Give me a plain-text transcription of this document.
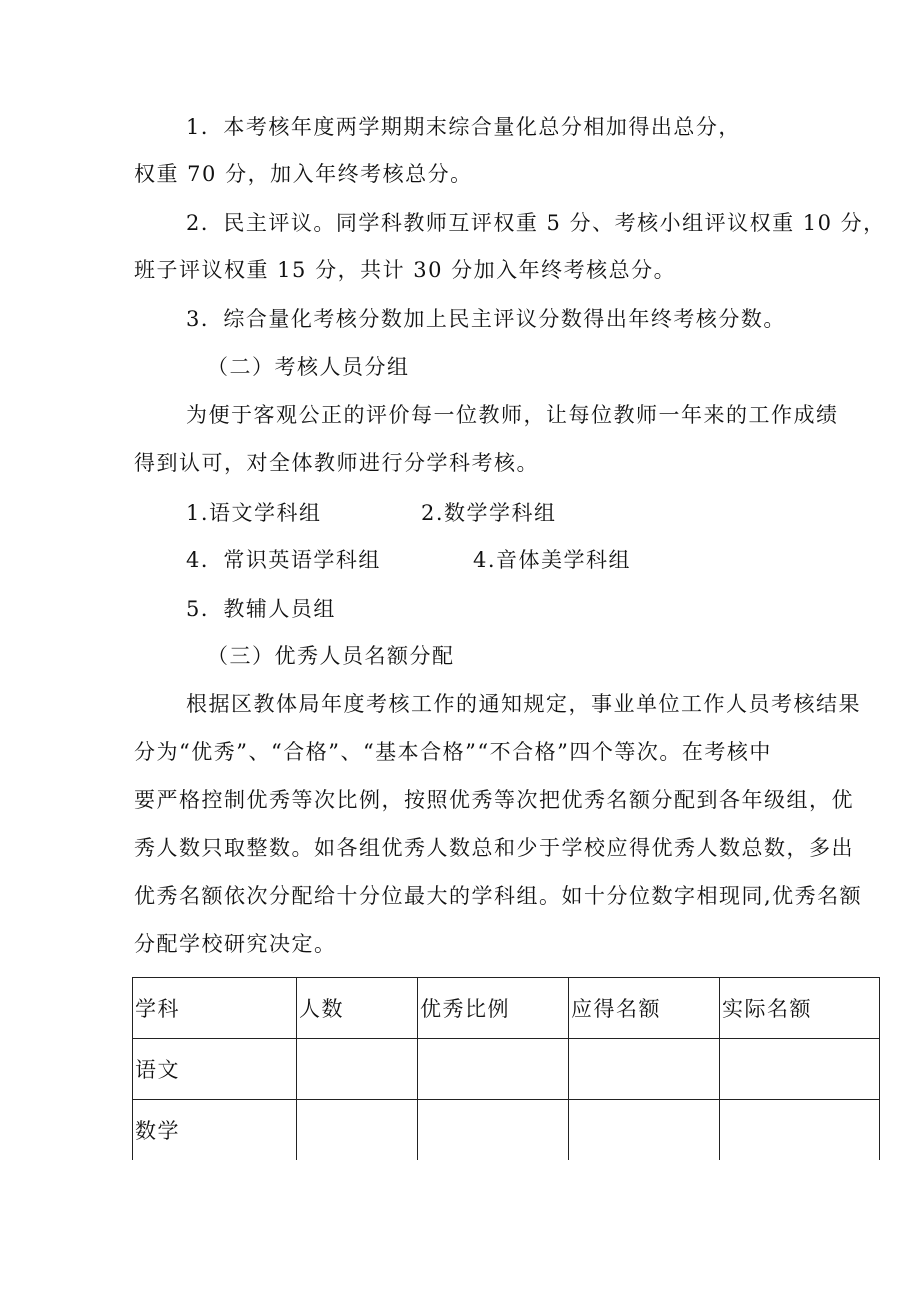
1．本考核年度两学期期末综合量化总分相加得出总分，
权重 70 分，加入年终考核总分。
2．民主评议。同学科教师互评权重 5 分、考核小组评议权重 10 分，
班子评议权重 15 分，共计 30 分加入年终考核总分。
3．综合量化考核分数加上民主评议分数得出年终考核分数。
（二）考核人员分组
为便于客观公正的评价每一位教师，让每位教师一年来的工作成绩
得到认可，对全体教师进行分学科考核。
1.语文学科组	2.数学学科组
4．常识英语学科组	4.音体美学科组
5．教辅人员组
（三）优秀人员名额分配
根据区教体局年度考核工作的通知规定，事业单位工作人员考核结果
分为“优秀”、“合格”、“基本合格”“不合格”四个等次。在考核中
要严格控制优秀等次比例，按照优秀等次把优秀名额分配到各年级组，优
秀人数只取整数。如各组优秀人数总和少于学校应得优秀人数总数，多出
优秀名额依次分配给十分位最大的学科组。如十分位数字相现同,优秀名额
分配学校研究决定。
学科	人数	优秀比例	应得名额	实际名额
语文				
数学				
